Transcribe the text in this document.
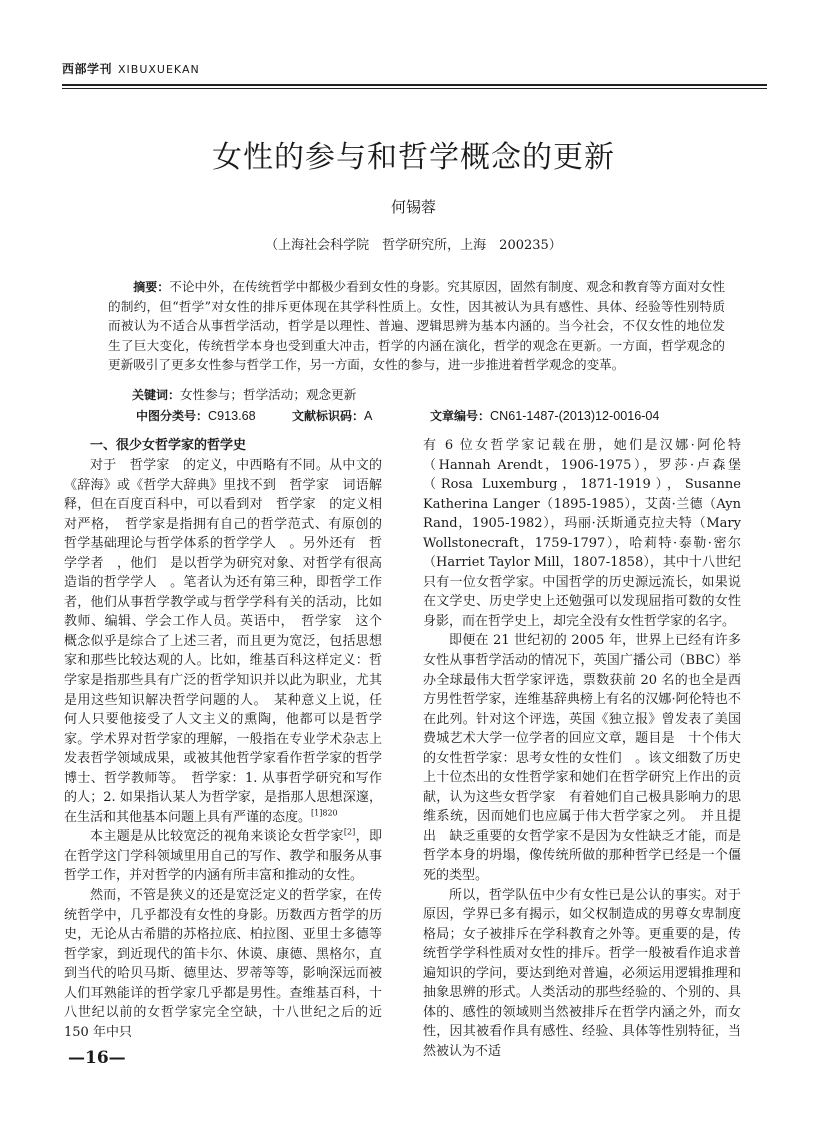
西部学刊 XIBUXUEKAN
女性的参与和哲学概念的更新
何锡蓉
（上海社会科学院　哲学研究所，上海　200235）
摘要：不论中外，在传统哲学中都极少看到女性的身影。究其原因，固然有制度、观念和教育等方面对女性的制约，但“哲学”对女性的排斥更体现在其学科性质上。女性，因其被认为具有感性、具体、经验等性别特质而被认为不适合从事哲学活动，哲学是以理性、普遍、逻辑思辨为基本内涵的。当今社会，不仅女性的地位发生了巨大变化，传统哲学本身也受到重大冲击，哲学的内涵在演化，哲学的观念在更新。一方面，哲学观念的更新吸引了更多女性参与哲学工作，另一方面，女性的参与，进一步推进着哲学观念的变革。
关键词：女性参与；哲学活动；观念更新
中图分类号：C913.68	文献标识码：A	文章编号：CN61-1487-(2013)12-0016-04
一、很少女哲学家的哲学史

对于　哲学家　的定义，中西略有不同。从中文的《辞海》或《哲学大辞典》里找不到　哲学家　词语解释，但在百度百科中，可以看到对　哲学家　的定义相对严格，　哲学家是指拥有自己的哲学范式、有原创的哲学基础理论与哲学体系的哲学学人　。另外还有　哲学学者　，他们　是以哲学为研究对象、对哲学有很高造诣的哲学学人　。笔者认为还有第三种，即哲学工作者，他们从事哲学教学或与哲学学科有关的活动，比如教师、编辑、学会工作人员。英语中，　哲学家　这个概念似乎是综合了上述三者，而且更为宽泛，包括思想家和那些比较达观的人。比如，维基百科这样定义：哲学家是指那些具有广泛的哲学知识并以此为职业，尤其是用这些知识解决哲学问题的人。　某种意义上说，任何人只要他接受了人文主义的熏陶，他都可以是哲学家。学术界对哲学家的理解，一般指在专业学术杂志上发表哲学领域成果，或被其他哲学家看作哲学家的哲学博士、哲学教师等。　哲学家：1. 从事哲学研究和写作的人；2. 如果指认某人为哲学家，是指那人思想深邃，在生活和其他基本问题上具有严谨的态度。$^{[1]820}$

本主题是从比较宽泛的视角来谈论女哲学家[2]，即在哲学这门学科领域里用自己的写作、教学和服务从事哲学工作，并对哲学的内涵有所丰富和推动的女性。

然而，不管是狭义的还是宽泛定义的哲学家，在传统哲学中，几乎都没有女性的身影。历数西方哲学的历史，无论从古希腊的苏格拉底、柏拉图、亚里士多德等哲学家，到近现代的笛卡尔、休谟、康德、黑格尔，直到当代的哈贝马斯、德里达、罗蒂等等，影响深远而被人们耳熟能详的哲学家几乎都是男性。查维基百科，十八世纪以前的女哲学家完全空缺，十八世纪之后的近 150 年中只

有 6 位女哲学家记载在册，她们是汉娜·阿伦特（Hannah Arendt，1906-1975），罗莎·卢森堡（Rosa Luxemburg，1871-1919），Susanne Katherina Langer（1895-1985），艾茵·兰德（Ayn Rand，1905-1982），玛丽·沃斯通克拉夫特（Mary Wollstonecraft，1759-1797），哈莉特·泰勒·密尔（Harriet Taylor Mill，1807-1858），其中十八世纪只有一位女哲学家。中国哲学的历史源远流长，如果说在文学史、历史学史上还勉强可以发现屈指可数的女性身影，而在哲学史上，却完全没有女性哲学家的名字。

即便在 21 世纪初的 2005 年，世界上已经有许多女性从事哲学活动的情况下，英国广播公司（BBC）举办全球最伟大哲学家评选，票数获前 20 名的也全是西方男性哲学家，连维基辞典榜上有名的汉娜·阿伦特也不在此列。针对这个评选，英国《独立报》曾发表了美国费城艺术大学一位学者的回应文章，题目是　十个伟大的女性哲学家：思考女性的女性们　。该文细数了历史上十位杰出的女性哲学家和她们在哲学研究上作出的贡献，认为这些女哲学家　有着她们自己极具影响力的思维系统，因而她们也应属于伟大哲学家之列。　并且提出　缺乏重要的女哲学家不是因为女性缺乏才能，而是哲学本身的坍塌，像传统所做的那种哲学已经是一个僵死的类型。

所以，哲学队伍中少有女性已是公认的事实。对于原因，学界已多有揭示，如父权制造成的男尊女卑制度格局；女子被排斥在学科教育之外等。更重要的是，传统哲学学科性质对女性的排斥。哲学一般被看作追求普遍知识的学问，要达到绝对普遍，必须运用逻辑推理和抽象思辨的形式。人类活动的那些经验的、个别的、具体的、感性的领域则当然被排斥在哲学内涵之外，而女性，因其被看作具有感性、经验、具体等性别特征，当然被认为不适

—16—
